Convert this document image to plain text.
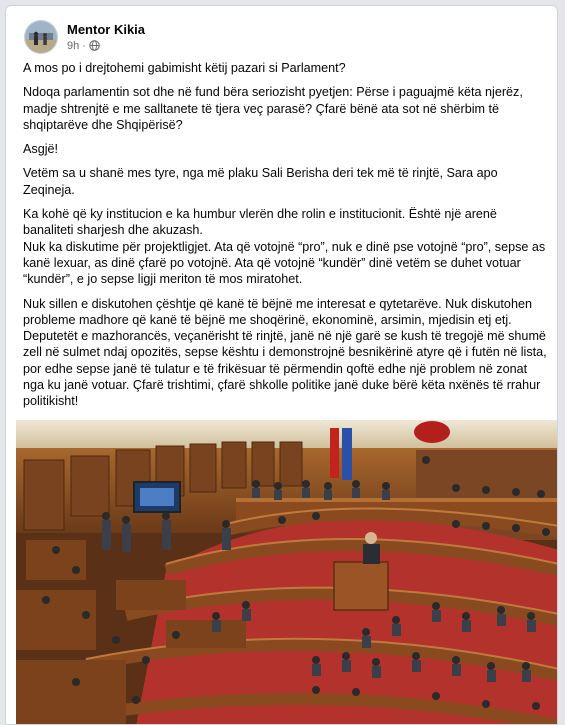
Mentor Kikia
9h ·

A mos po i drejtohemi gabimisht këtij pazari si Parlament?

Ndoqa parlamentin sot dhe në fund bëra seriozisht pyetjen: Përse i paguajmë këta njerëz, madje shtrenjtë e me salltanete të tjera veç parasë? Çfarë bënë ata sot në shërbim të shqiptarëve dhe Shqipërisë?

Asgjë!

Vetëm sa u shanë mes tyre, nga më plaku Sali Berisha deri tek më të rinjtë, Sara apo Zeqineja.

Ka kohë që ky institucion e ka humbur vlerën dhe rolin e institucionit. Është një arenë banaliteti sharjesh dhe akuzash.

Nuk ka diskutime për projektligjet. Ata që votojnë “pro”, nuk e dinë pse votojnë “pro”, sepse as kanë lexuar, as dinë çfarë po votojnë. Ata që votojnë “kundër” dinë vetëm se duhet votuar “kundër”, e jo sepse ligji meriton të mos miratohet.

Nuk sillen e diskutohen çështje që kanë të bëjnë me interesat e qytetarëve. Nuk diskutohen probleme madhore që kanë të bëjnë me shoqërinë, ekonominë, arsimin, mjedisin etj etj. Deputetët e mazhorancës, veçanërisht të rinjtë, janë në një garë se kush të tregojë më shumë zell në sulmet ndaj opozitës, sepse kështu i demonstrojnë besnikërinë atyre që i futën në lista, por edhe sepse janë të tulatur e të frikësuar të përmendin qoftë edhe një problem në zonat nga ku janë votuar. Çfarë trishtimi, çfarë shkolle politike janë duke bërë këta nxënës të rrahur politikisht!
